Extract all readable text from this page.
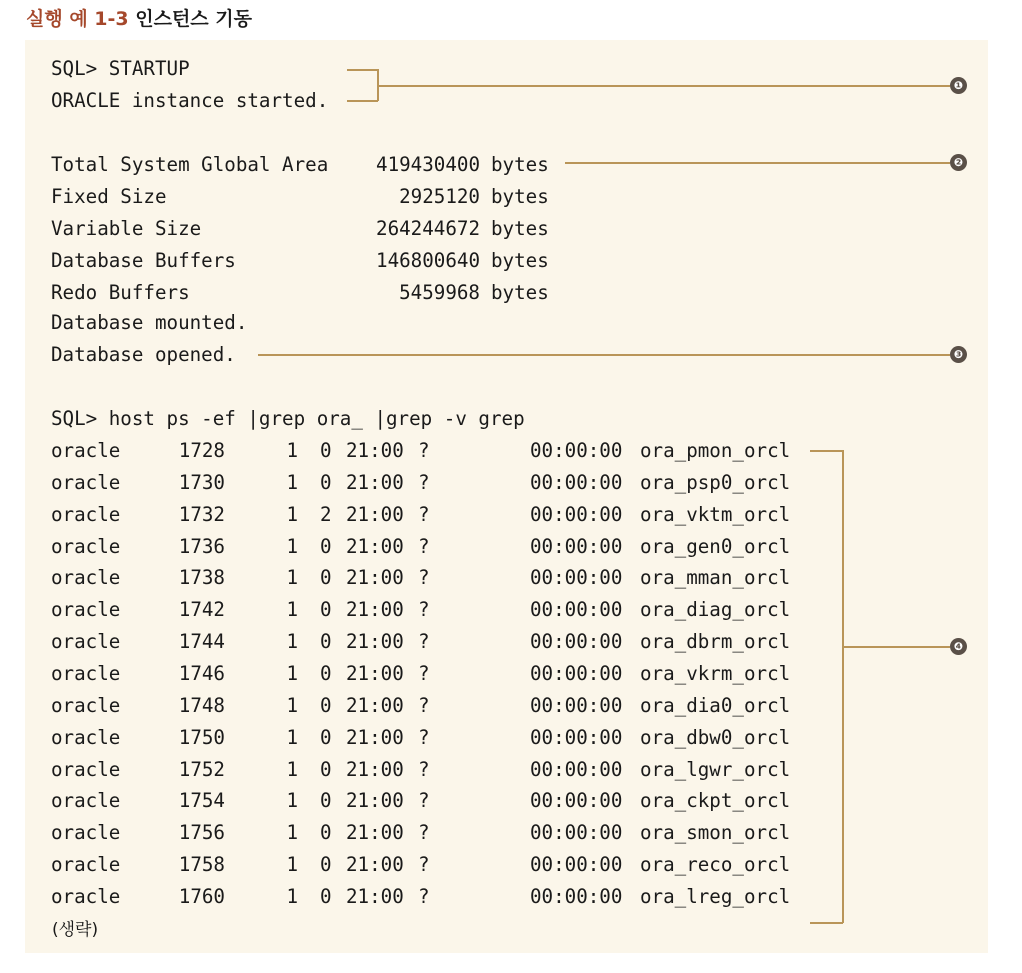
실행 예 1-3 인스턴스 기동
SQL> STARTUP
ORACLE instance started.
Total System Global Area	419430400 bytes
Fixed Size	2925120 bytes
Variable Size	264244672 bytes
Database Buffers	146800640 bytes
Redo Buffers	5459968 bytes
Database mounted.
Database opened.
SQL> host ps -ef |grep ora_ |grep -v grep
oracle	1728	1 0 21:00 ?	00:00:00 ora_pmon_orcl
oracle	1730	1 0 21:00 ?	00:00:00 ora_psp0_orcl
oracle	1732	1 2 21:00 ?	00:00:00 ora_vktm_orcl
oracle	1736	1 0 21:00 ?	00:00:00 ora_gen0_orcl
oracle	1738	1 0 21:00 ?	00:00:00 ora_mman_orcl
oracle	1742	1 0 21:00 ?	00:00:00 ora_diag_orcl
oracle	1744	1 0 21:00 ?	00:00:00 ora_dbrm_orcl
oracle	1746	1 0 21:00 ?	00:00:00 ora_vkrm_orcl
oracle	1748	1 0 21:00 ?	00:00:00 ora_dia0_orcl
oracle	1750	1 0 21:00 ?	00:00:00 ora_dbw0_orcl
oracle	1752	1 0 21:00 ?	00:00:00 ora_lgwr_orcl
oracle	1754	1 0 21:00 ?	00:00:00 ora_ckpt_orcl
oracle	1756	1 0 21:00 ?	00:00:00 ora_smon_orcl
oracle	1758	1 0 21:00 ?	00:00:00 ora_reco_orcl
oracle	1760	1 0 21:00 ?	00:00:00 ora_lreg_orcl
(생략)
❶
❷
❸
❹
